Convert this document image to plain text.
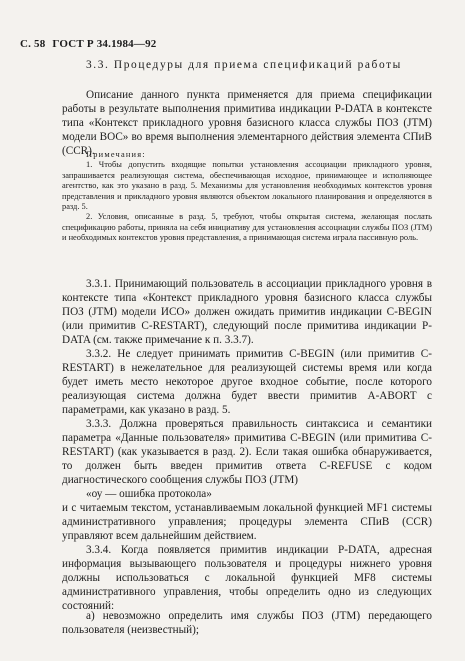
С. 58 ГОСТ Р 34.1984—92
3.3. Процедуры для приема спецификаций работы

Описание данного пункта применяется для приема спецификации работы в результате выполнения примитива индикации P-DATA в контексте типа «Контекст прикладного уровня базисного класса службы ПОЗ (JTM) модели ВОС» во время выполнения элементарного действия элемента СПиВ (CCR).

Примечания:

1. Чтобы допустить входящие попытки установления ассоциации прикладного уровня, запрашивается реализующая система, обеспечивающая исходное, принимающее и исполняющее агентство, как это указано в разд. 5. Механизмы для установления необходимых контекстов уровня представления и прикладного уровня являются объектом локального планирования и определяются в разд. 5.

2. Условия, описанные в разд. 5, требуют, чтобы открытая система, желающая послать спецификацию работы, приняла на себя инициативу для установления ассоциации службы ПОЗ (JTM) и необходимых контекстов уровня представления, а принимающая система играла пассивную роль.

3.3.1. Принимающий пользователь в ассоциации прикладного уровня в контексте типа «Контекст прикладного уровня базисного класса службы ПОЗ (JTM) модели ИСО» должен ожидать примитив индикации C-BEGIN (или примитив C-RESTART), следующий после примитива индикации P-DATA (см. также примечание к п. 3.3.7).

3.3.2. Не следует принимать примитив C-BEGIN (или примитив C-RESTART) в нежелательное для реализующей системы время или когда будет иметь место некоторое другое входное событие, после которого реализующая система должна будет ввести примитив A-ABORT с параметрами, как указано в разд. 5.

3.3.3. Должна проверяться правильность синтаксиса и семантики параметра «Данные пользователя» примитива C-BEGIN (или примитива C-RESTART) (как указывается в разд. 2). Если такая ошибка обнаруживается, то должен быть введен примитив ответа C-REFUSE с кодом диагностического сообщения службы ПОЗ (JTM)

«оу — ошибка протокола»

и с читаемым текстом, устанавливаемым локальной функцией MF1 системы административного управления; процедуры элемента СПиВ (CCR) управляют всем дальнейшим действием.

3.3.4. Когда появляется примитив индикации P-DATA, адресная информация вызывающего пользователя и процедуры нижнего уровня должны использоваться с локальной функцией MF8 системы административного управления, чтобы определить одно из следующих состояний:

а) невозможно определить имя службы ПОЗ (JTM) передающего пользователя (неизвестный);
